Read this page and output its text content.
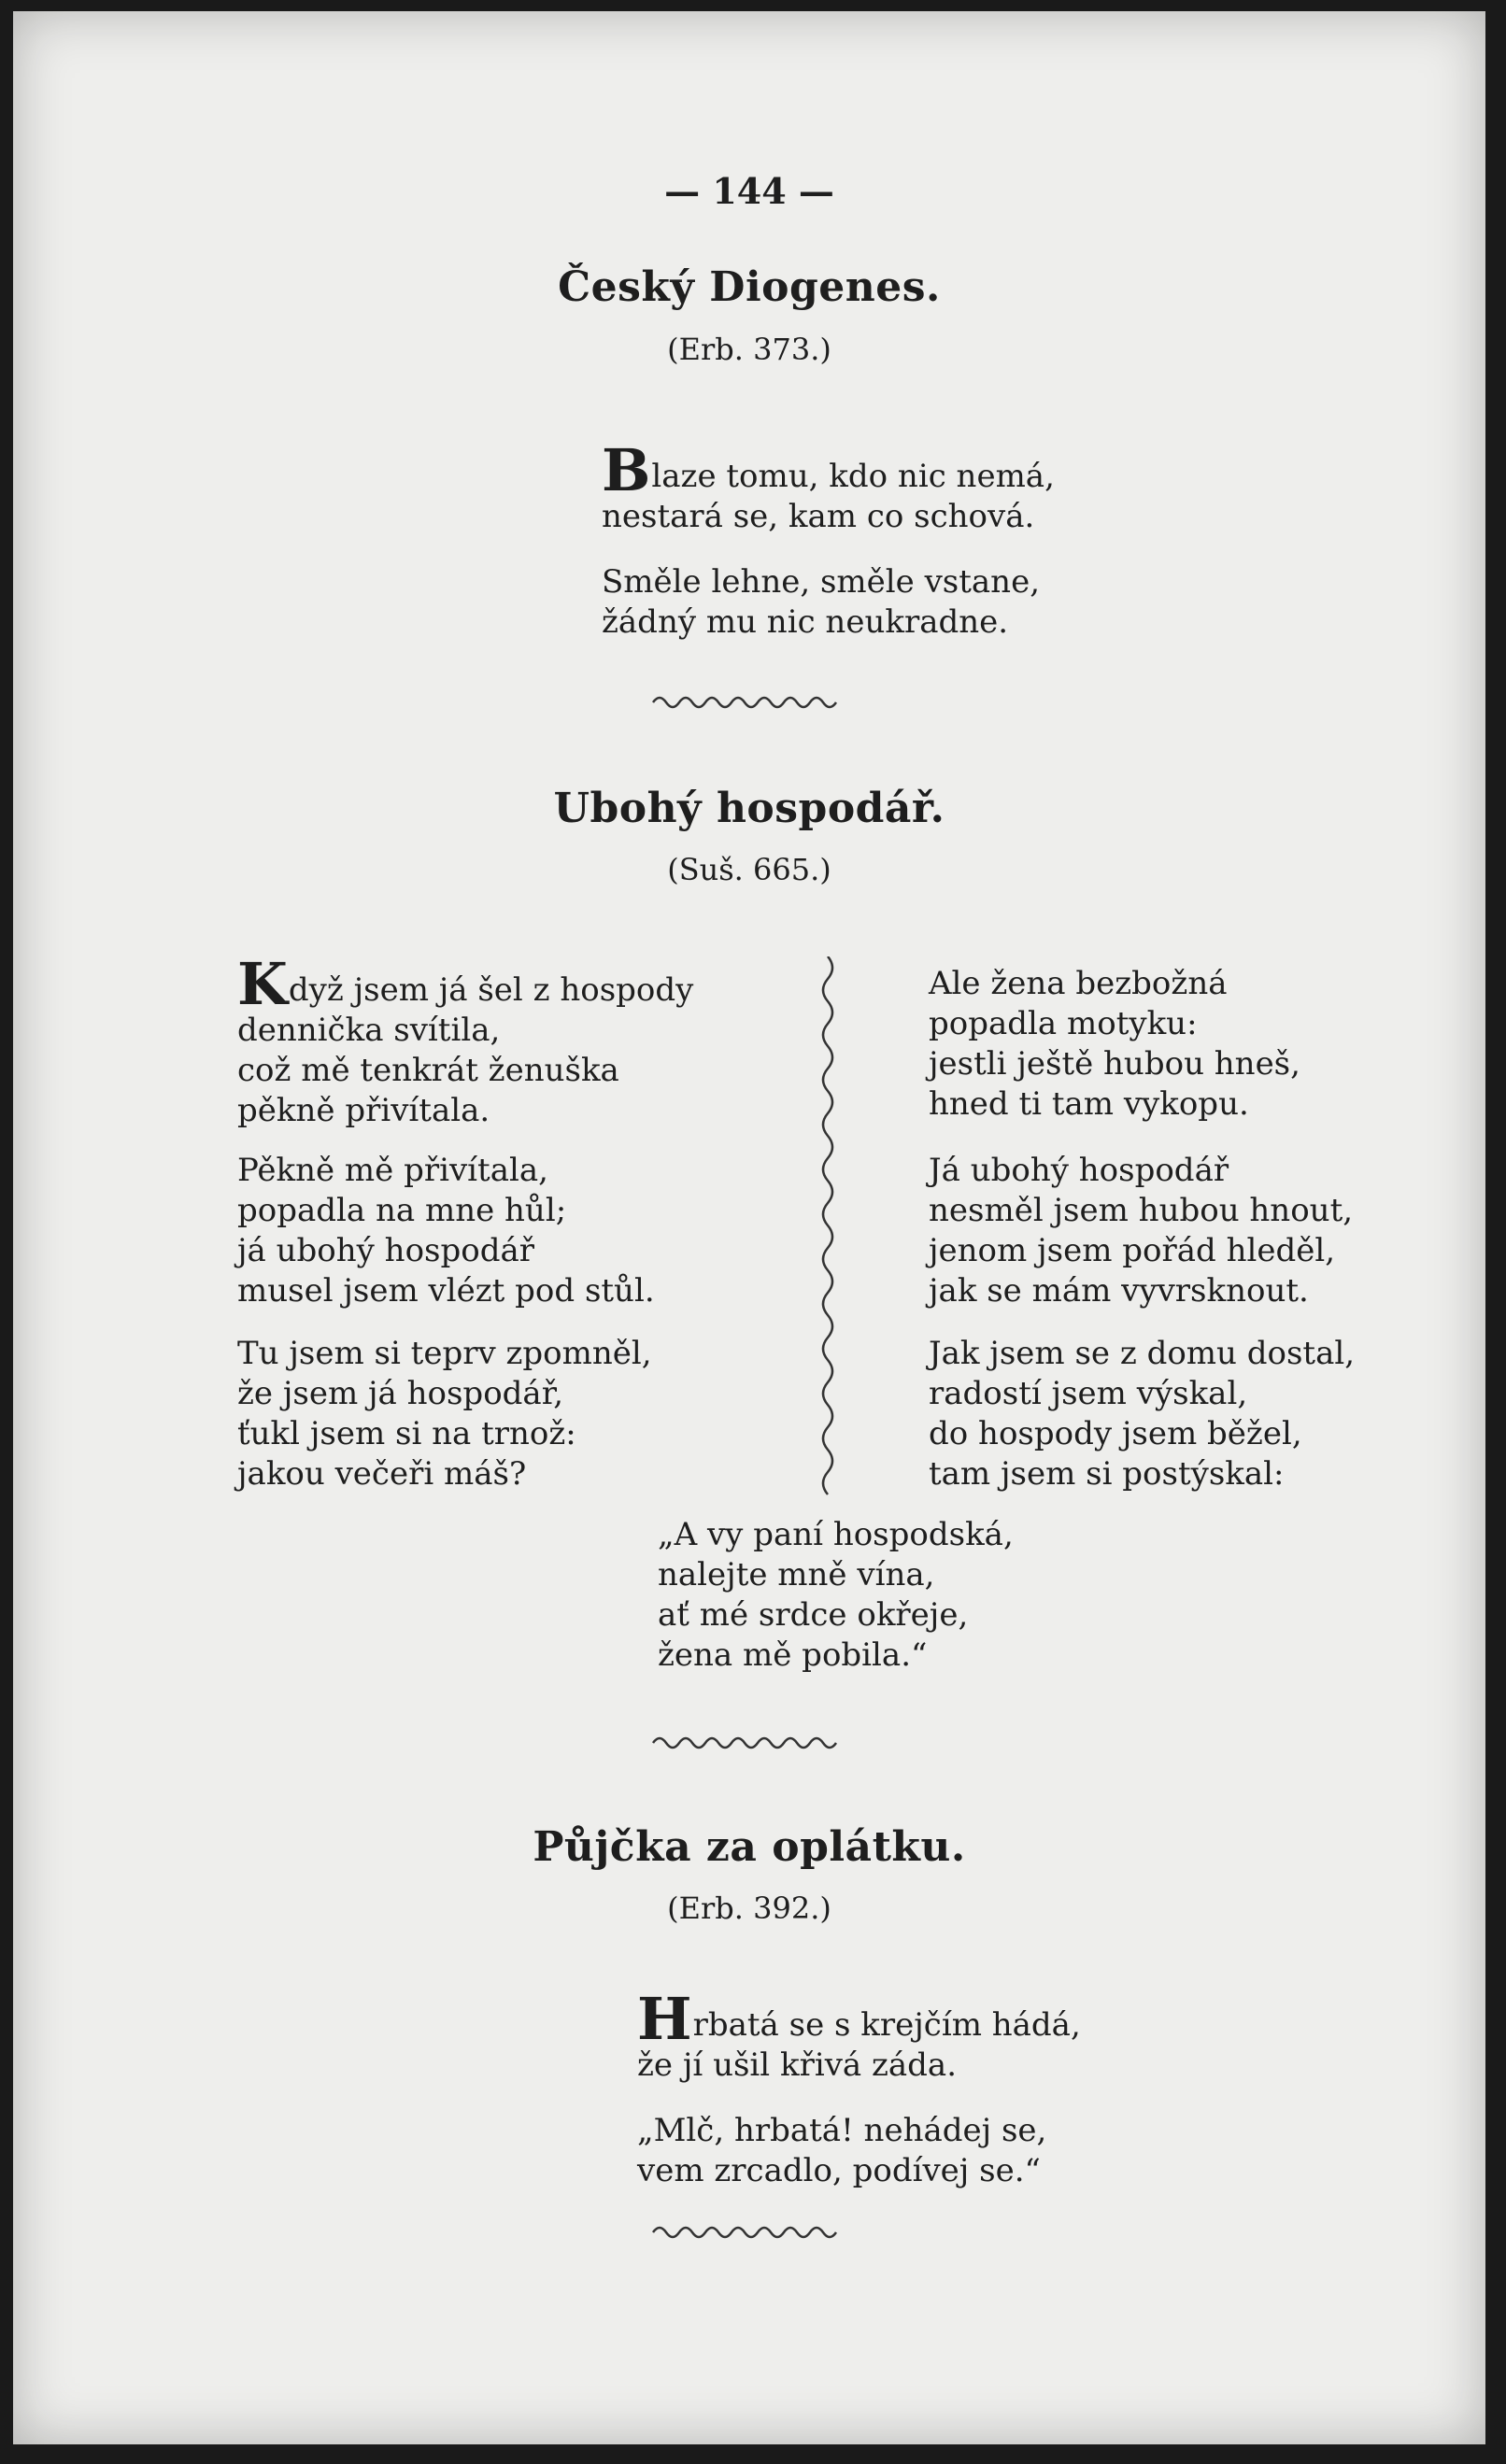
— 144 —
Český Diogenes.
(Erb. 373.)
Blaze tomu, kdo nic nemá,
nestará se, kam co schová.
Směle lehne, směle vstane,
žádný mu nic neukradne.
Ubohý hospodář.
(Suš. 665.)
Když jsem já šel z hospody
dennička svítila,
což mě tenkrát ženuška
pěkně přivítala.
Pěkně mě přivítala,
popadla na mne hůl;
já ubohý hospodář
musel jsem vlézt pod stůl.
Tu jsem si teprv zpomněl,
že jsem já hospodář,
ťukl jsem si na trnož:
jakou večeři máš?
Ale žena bezbožná
popadla motyku:
jestli ještě hubou hneš,
hned ti tam vykopu.
Já ubohý hospodář
nesměl jsem hubou hnout,
jenom jsem pořád hleděl,
jak se mám vyvrsknout.
Jak jsem se z domu dostal,
radostí jsem výskal,
do hospody jsem běžel,
tam jsem si postýskal:
„A vy paní hospodská,
nalejte mně vína,
ať mé srdce okřeje,
žena mě pobila.“
Půjčka za oplátku.
(Erb. 392.)
Hrbatá se s krejčím hádá,
že jí ušil křivá záda.
„Mlč, hrbatá! nehádej se,
vem zrcadlo, podívej se.“
